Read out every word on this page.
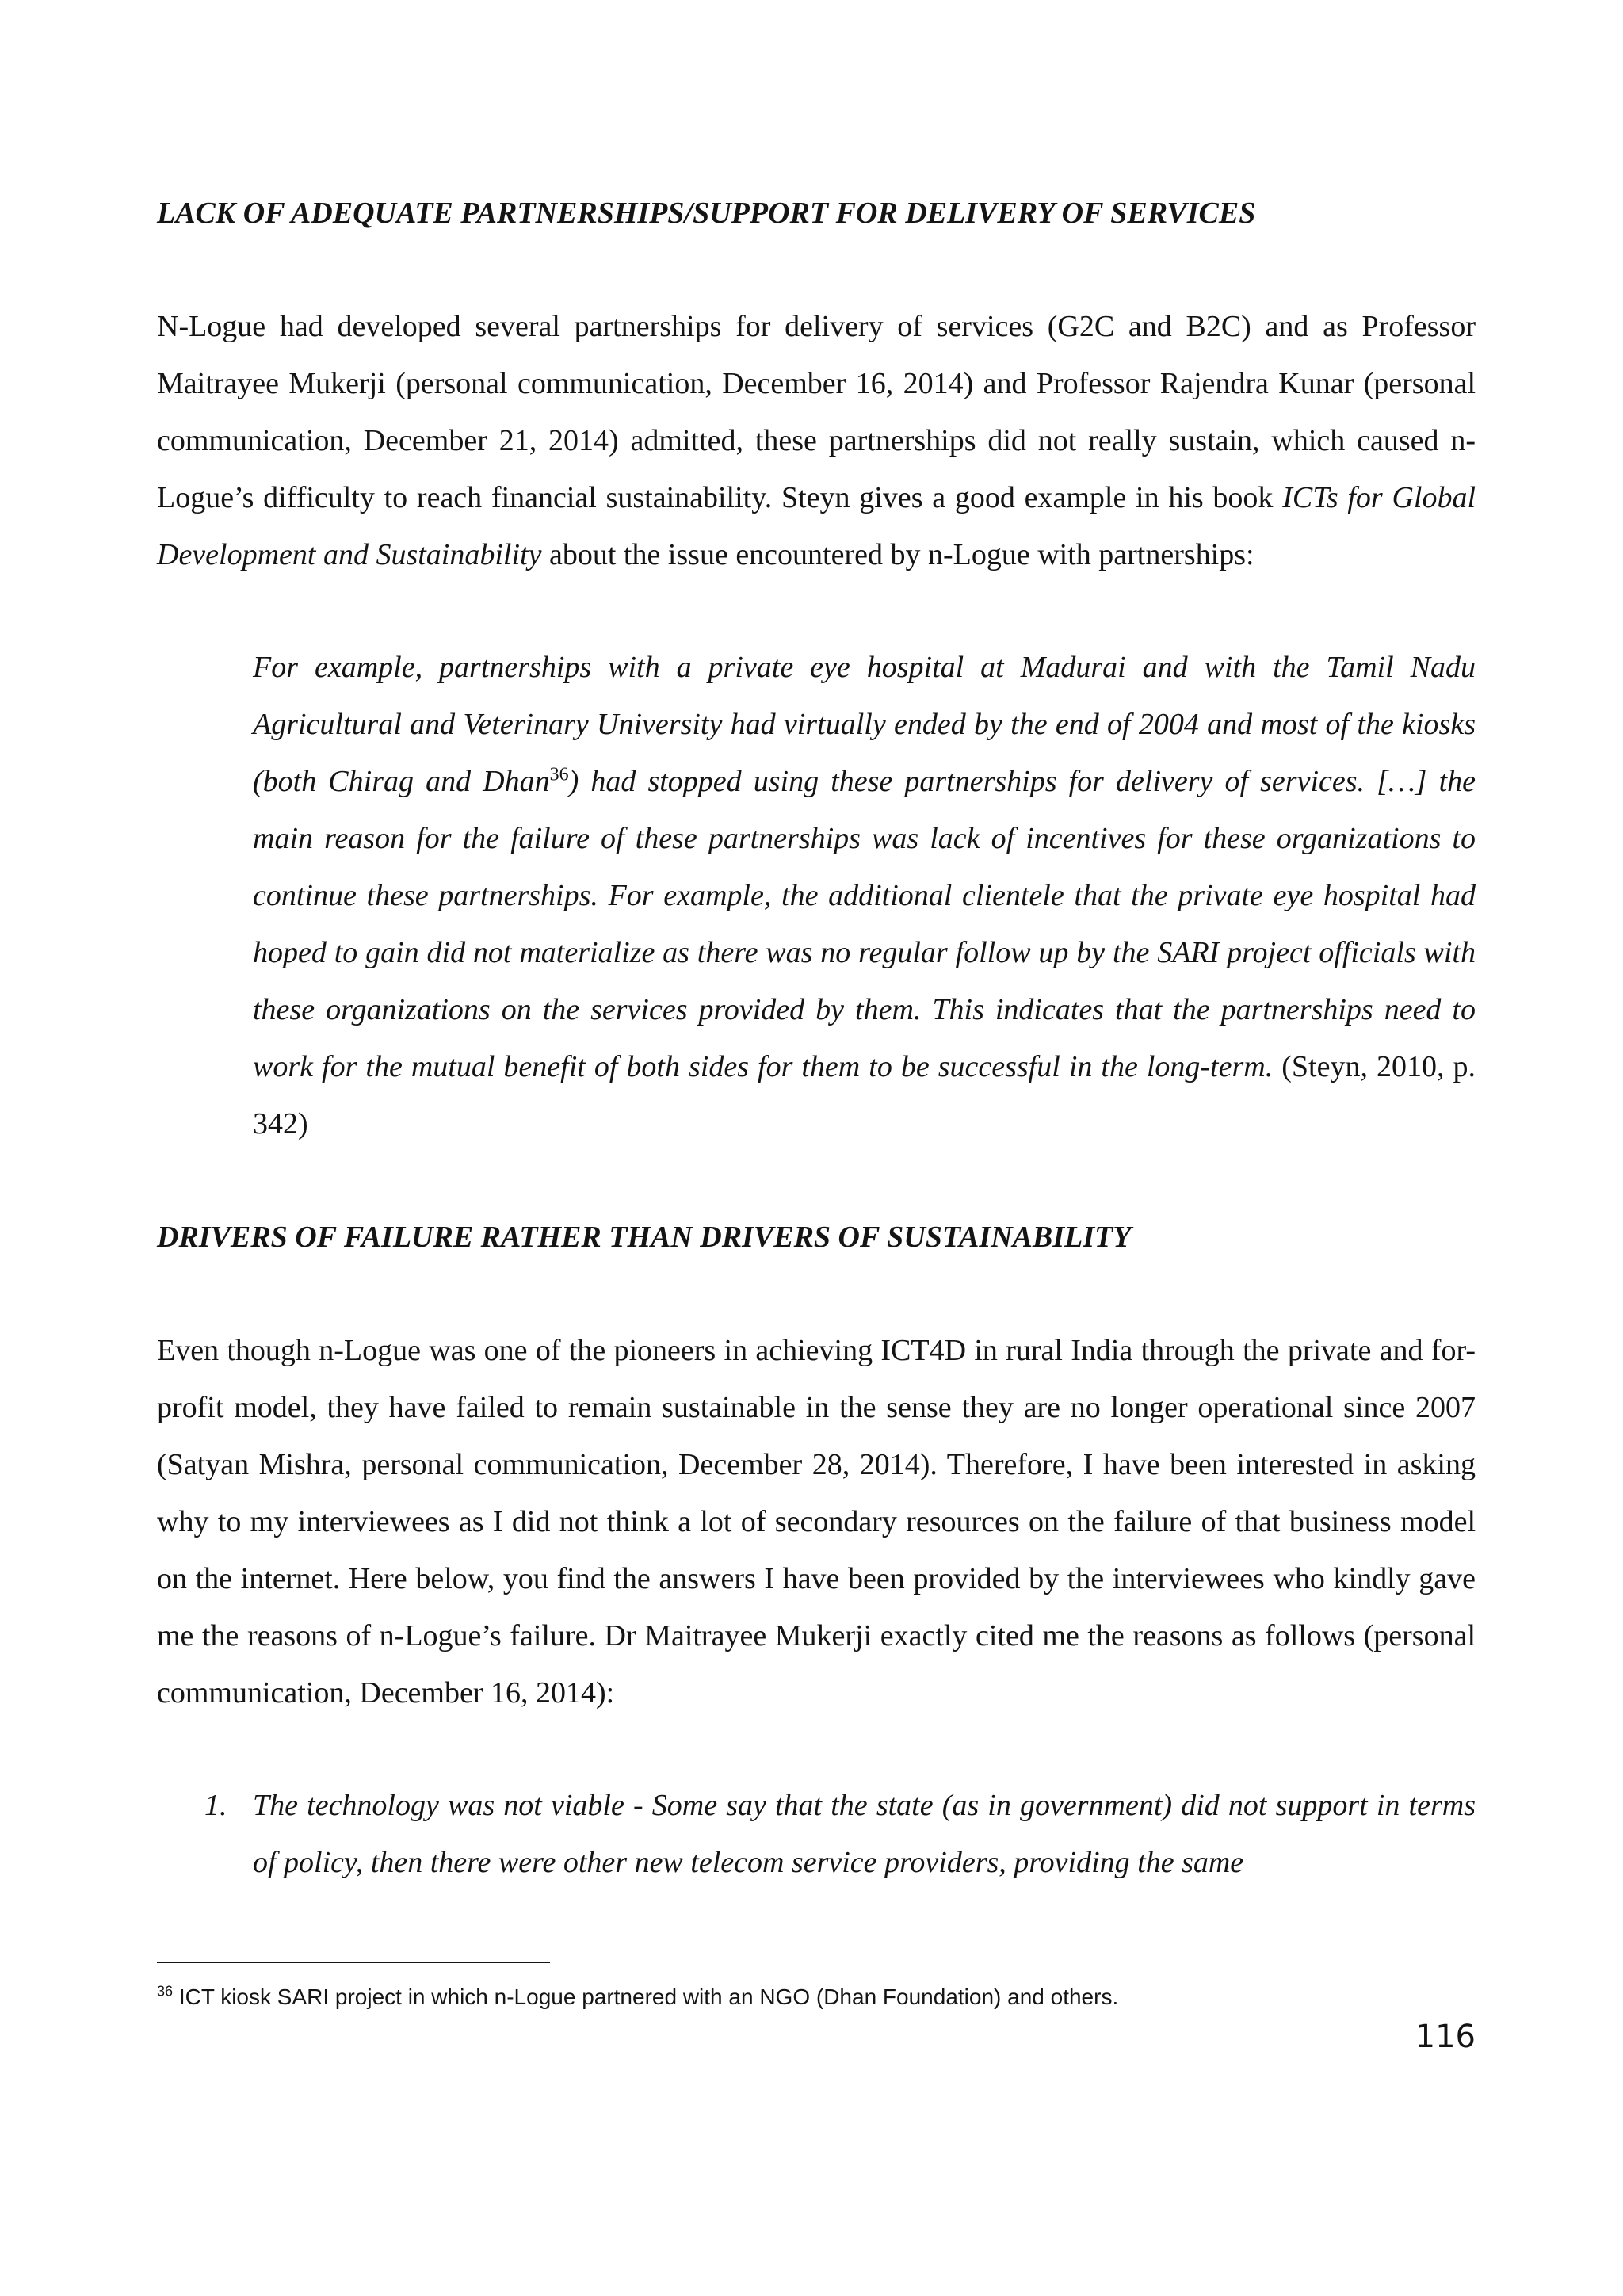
LACK OF ADEQUATE PARTNERSHIPS/SUPPORT FOR DELIVERY OF SERVICES

N-Logue had developed several partnerships for delivery of services (G2C and B2C) and as Professor Maitrayee Mukerji (personal communication, December 16, 2014) and Professor Rajendra Kunar (personal communication, December 21, 2014) admitted, these partnerships did not really sustain, which caused n-Logue’s difficulty to reach financial sustainability. Steyn gives a good example in his book ICTs for Global Development and Sustainability about the issue encountered by n-Logue with partnerships:

For example, partnerships with a private eye hospital at Madurai and with the Tamil Nadu Agricultural and Veterinary University had virtually ended by the end of 2004 and most of the kiosks (both Chirag and Dhan$^{36}$) had stopped using these partnerships for delivery of services. […] the main reason for the failure of these partnerships was lack of incentives for these organizations to continue these partnerships. For example, the additional clientele that the private eye hospital had hoped to gain did not materialize as there was no regular follow up by the SARI project officials with these organizations on the services provided by them. This indicates that the partnerships need to work for the mutual benefit of both sides for them to be successful in the long-term. (Steyn, 2010, p. 342)

DRIVERS OF FAILURE RATHER THAN DRIVERS OF SUSTAINABILITY

Even though n-Logue was one of the pioneers in achieving ICT4D in rural India through the private and for-profit model, they have failed to remain sustainable in the sense they are no longer operational since 2007 (Satyan Mishra, personal communication, December 28, 2014). Therefore, I have been interested in asking why to my interviewees as I did not think a lot of secondary resources on the failure of that business model on the internet. Here below, you find the answers I have been provided by the interviewees who kindly gave me the reasons of n-Logue’s failure. Dr Maitrayee Mukerji exactly cited me the reasons as follows (personal communication, December 16, 2014):

1. The technology was not viable - Some say that the state (as in government) did not support in terms of policy, then there were other new telecom service providers, providing the same
$^{36}$ ICT kiosk SARI project in which n-Logue partnered with an NGO (Dhan Foundation) and others.
116
